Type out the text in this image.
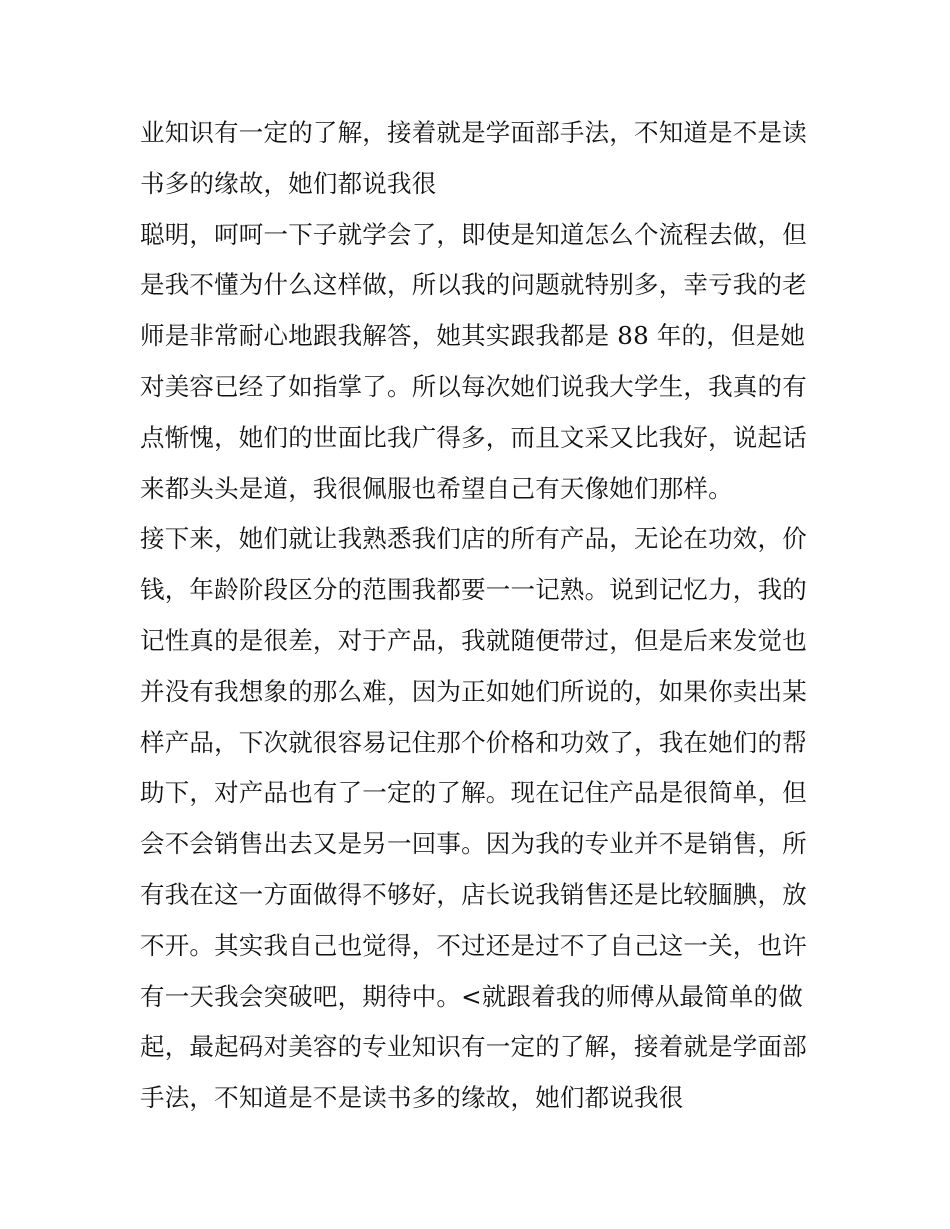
业知识有一定的了解，接着就是学面部手法，不知道是不是读
书多的缘故，她们都说我很
聪明，呵呵一下子就学会了，即使是知道怎么个流程去做，但
是我不懂为什么这样做，所以我的问题就特别多，幸亏我的老
师是非常耐心地跟我解答，她其实跟我都是 88 年的，但是她
对美容已经了如指掌了。所以每次她们说我大学生，我真的有
点惭愧，她们的世面比我广得多，而且文采又比我好，说起话
来都头头是道，我很佩服也希望自己有天像她们那样。
接下来，她们就让我熟悉我们店的所有产品，无论在功效，价
钱，年龄阶段区分的范围我都要一一记熟。说到记忆力，我的
记性真的是很差，对于产品，我就随便带过，但是后来发觉也
并没有我想象的那么难，因为正如她们所说的，如果你卖出某
样产品，下次就很容易记住那个价格和功效了，我在她们的帮
助下，对产品也有了一定的了解。现在记住产品是很简单，但
会不会销售出去又是另一回事。因为我的专业并不是销售，所
有我在这一方面做得不够好，店长说我销售还是比较腼腆，放
不开。其实我自己也觉得，不过还是过不了自己这一关，也许
有一天我会突破吧，期待中。<就跟着我的师傅从最简单的做
起，最起码对美容的专业知识有一定的了解，接着就是学面部
手法，不知道是不是读书多的缘故，她们都说我很
